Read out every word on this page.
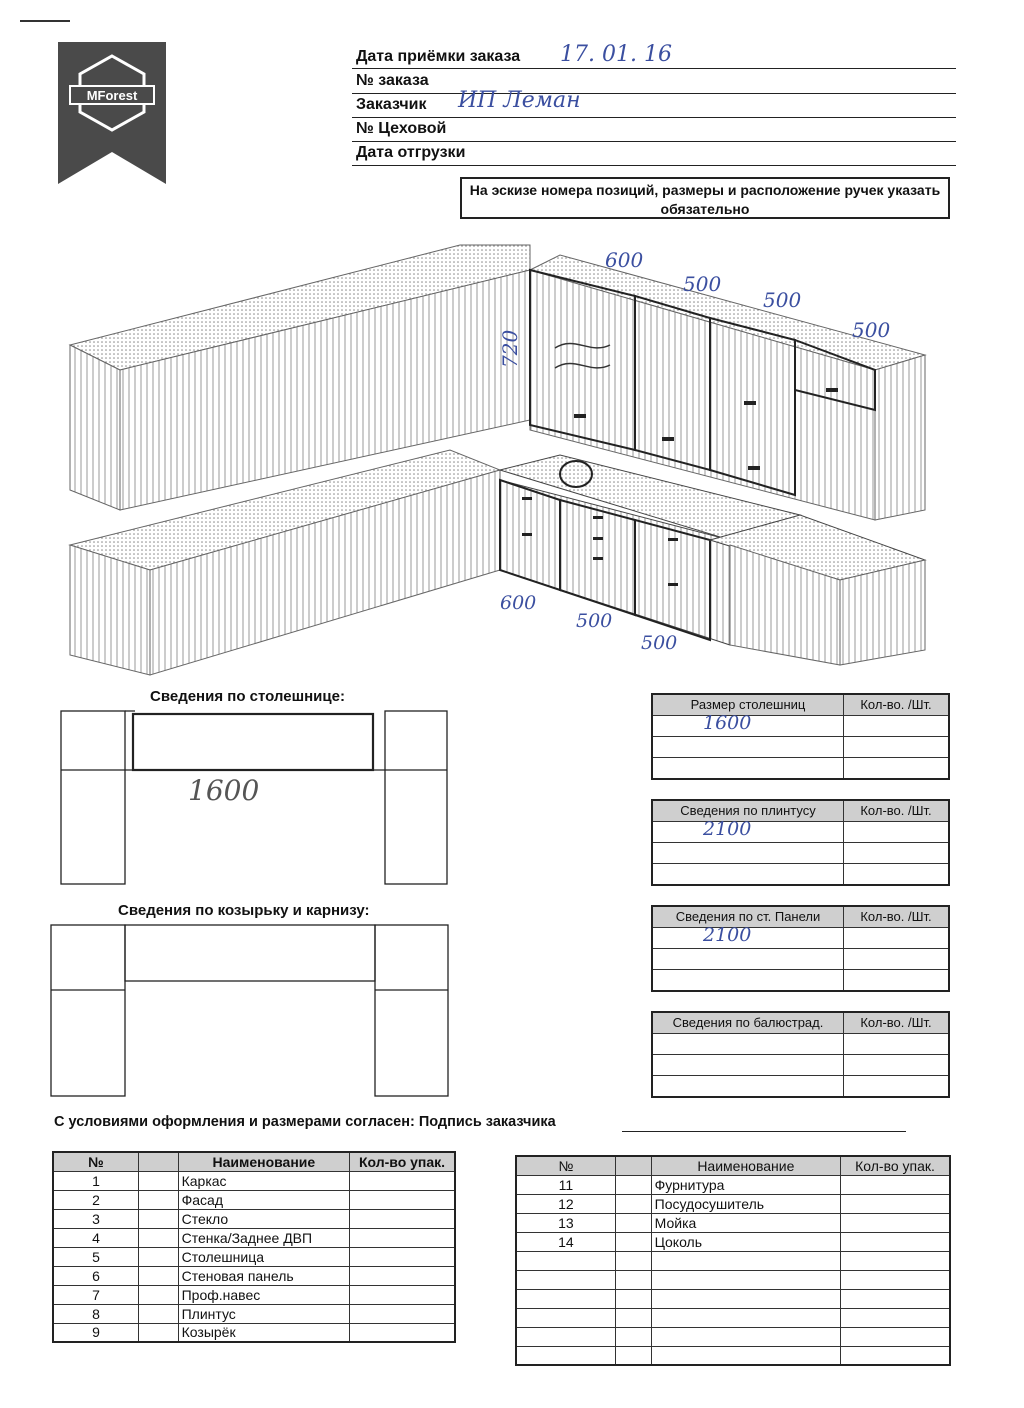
MForest
Дата приёмки заказа 17. 01. 16
№ заказа
Заказчик ИП Леман
№ Цеховой
Дата отгрузки
На эскизе номера позиций, размеры и расположение ручек указать обязательно
600
500
500
500
720
600
500
500
Сведения по столешнице:
1600
Сведения по козырьку и карнизу:
Размер столешниц	Кол-во. /Шт.
1600
Сведения по плинтусу	Кол-во. /Шт.
2100
Сведения по ст. Панели	Кол-во. /Шт.
2100
Сведения по балюстрад.	Кол-во. /Шт.
С условиями оформления и размерами согласен: Подпись заказчика
№		Наименование	Кол-во упак.
1		Каркас	
2		Фасад	
3		Стекло	
4		Стенка/Заднее ДВП	
5		Столешница	
6		Стеновая панель	
7		Проф.навес	
8		Плинтус	
9		Козырёк	
№		Наименование	Кол-во упак.
11		Фурнитура	
12		Посудосушитель	
13		Мойка	
14		Цоколь	
